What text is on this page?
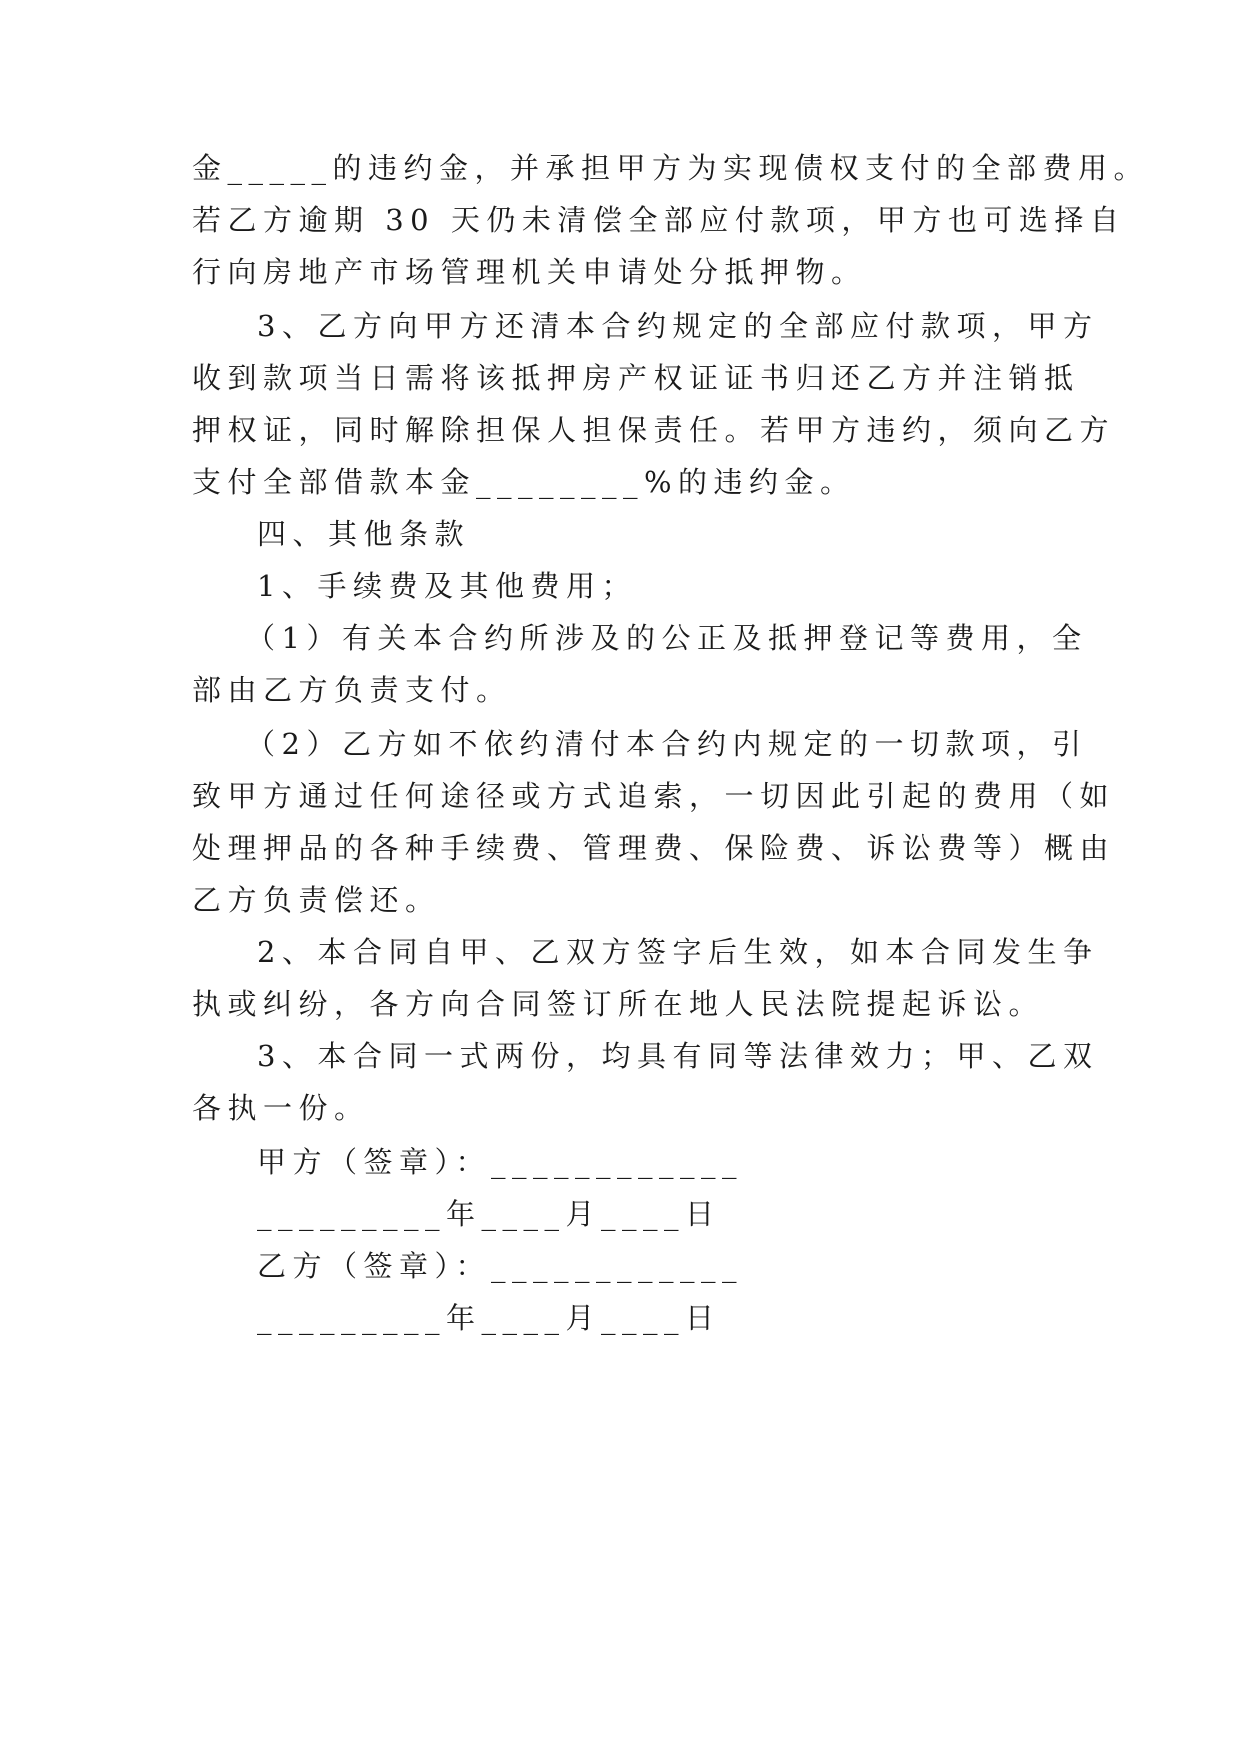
金_____的违约金，并承担甲方为实现债权支付的全部费用。
若乙方逾期 30 天仍未清偿全部应付款项，甲方也可选择自
行向房地产市场管理机关申请处分抵押物。
3、乙方向甲方还清本合约规定的全部应付款项，甲方
收到款项当日需将该抵押房产权证证书归还乙方并注销抵
押权证，同时解除担保人担保责任。若甲方违约，须向乙方
支付全部借款本金________%的违约金。
四、其他条款
1、手续费及其他费用；
（1）有关本合约所涉及的公正及抵押登记等费用，全
部由乙方负责支付。
（2）乙方如不依约清付本合约内规定的一切款项，引
致甲方通过任何途径或方式追索，一切因此引起的费用（如
处理押品的各种手续费、管理费、保险费、诉讼费等）概由
乙方负责偿还。
2、本合同自甲、乙双方签字后生效，如本合同发生争
执或纠纷，各方向合同签订所在地人民法院提起诉讼。
3、本合同一式两份，均具有同等法律效力；甲、乙双
各执一份。
甲方（签章）：____________
_________年____月____日
乙方（签章）：____________
_________年____月____日
